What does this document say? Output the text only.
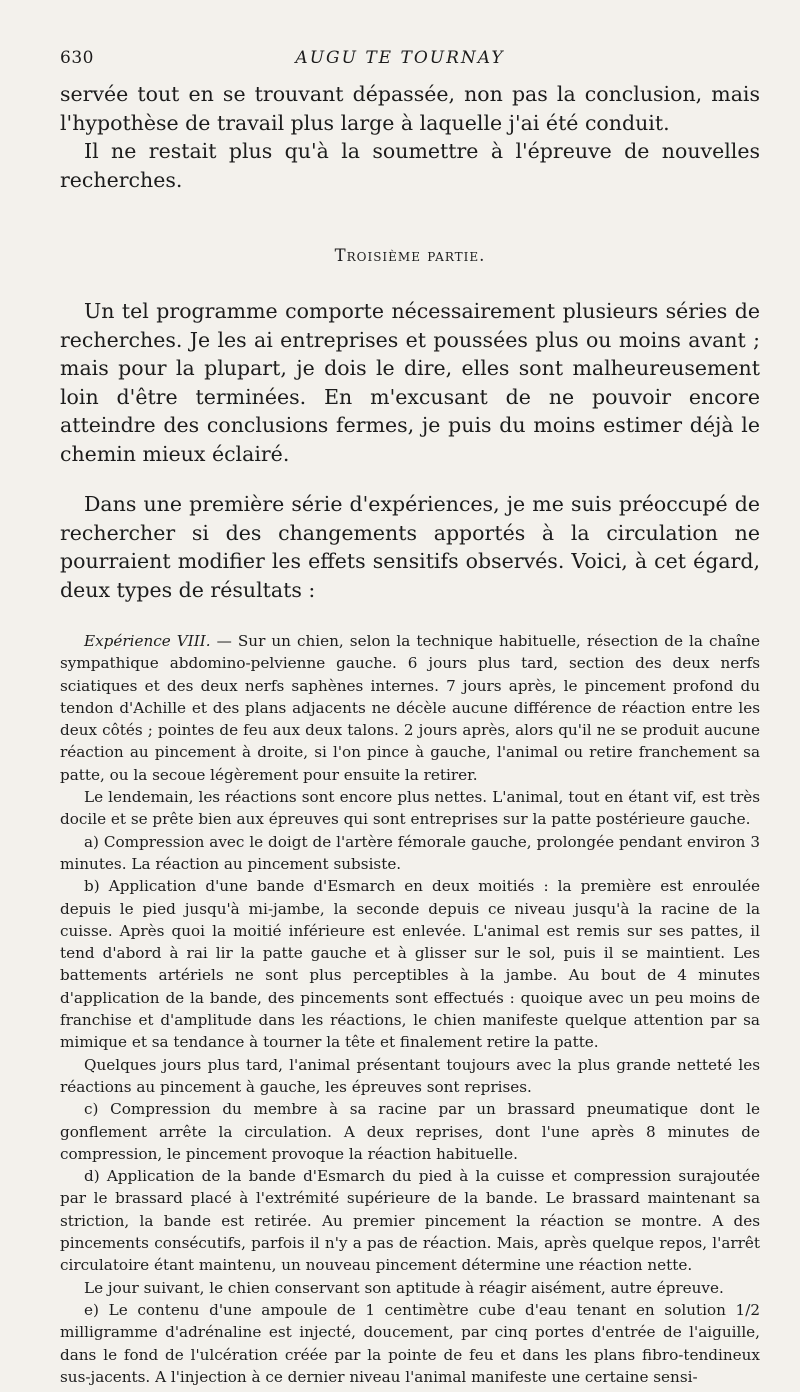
630	AUGU TE TOURNAY

servée tout en se trouvant dépassée, non pas la conclusion, mais l'hypothèse de travail plus large à laquelle j'ai été conduit.

Il ne restait plus qu'à la soumettre à l'épreuve de nouvelles recherches.

Troisième partie.

Un tel programme comporte nécessairement plusieurs séries de recherches. Je les ai entreprises et poussées plus ou moins avant ; mais pour la plupart, je dois le dire, elles sont malheureusement loin d'être terminées. En m'excusant de ne pouvoir encore atteindre des conclusions fermes, je puis du moins estimer déjà le chemin mieux éclairé.

Dans une première série d'expériences, je me suis préoccupé de rechercher si des changements apportés à la circulation ne pourraient modifier les effets sensitifs observés. Voici, à cet égard, deux types de résultats :

Expérience VIII. — Sur un chien, selon la technique habituelle, résection de la chaîne sympathique abdomino-pelvienne gauche. 6 jours plus tard, section des deux nerfs sciatiques et des deux nerfs saphènes internes. 7 jours après, le pincement profond du tendon d'Achille et des plans adjacents ne décèle aucune différence de réaction entre les deux côtés ; pointes de feu aux deux talons. 2 jours après, alors qu'il ne se produit aucune réaction au pincement à droite, si l'on pince à gauche, l'animal ou retire franchement sa patte, ou la secoue légèrement pour ensuite la retirer.

Le lendemain, les réactions sont encore plus nettes. L'animal, tout en étant vif, est très docile et se prête bien aux épreuves qui sont entreprises sur la patte postérieure gauche.

a) Compression avec le doigt de l'artère fémorale gauche, prolongée pendant environ 3 minutes. La réaction au pincement subsiste.

b) Application d'une bande d'Esmarch en deux moitiés : la première est enroulée depuis le pied jusqu'à mi-jambe, la seconde depuis ce niveau jusqu'à la racine de la cuisse. Après quoi la moitié inférieure est enlevée. L'animal est remis sur ses pattes, il tend d'abord à rai lir la patte gauche et à glisser sur le sol, puis il se maintient. Les battements artériels ne sont plus perceptibles à la jambe. Au bout de 4 minutes d'application de la bande, des pincements sont effectués : quoique avec un peu moins de franchise et d'amplitude dans les réactions, le chien manifeste quelque attention par sa mimique et sa tendance à tourner la tête et finalement retire la patte.

Quelques jours plus tard, l'animal présentant toujours avec la plus grande netteté les réactions au pincement à gauche, les épreuves sont reprises.

c) Compression du membre à sa racine par un brassard pneumatique dont le gonflement arrête la circulation. A deux reprises, dont l'une après 8 minutes de compression, le pincement provoque la réaction habituelle.

d) Application de la bande d'Esmarch du pied à la cuisse et compression surajoutée par le brassard placé à l'extrémité supérieure de la bande. Le brassard maintenant sa striction, la bande est retirée. Au premier pincement la réaction se montre. A des pincements consécutifs, parfois il n'y a pas de réaction. Mais, après quelque repos, l'arrêt circulatoire étant maintenu, un nouveau pincement détermine une réaction nette.

Le jour suivant, le chien conservant son aptitude à réagir aisément, autre épreuve.

e) Le contenu d'une ampoule de 1 centimètre cube d'eau tenant en solution 1/2 milligramme d'adrénaline est injecté, doucement, par cinq portes d'entrée de l'aiguille, dans le fond de l'ulcération créée par la pointe de feu et dans les plans fibro-tendineux sus-jacents. A l'injection à ce dernier niveau l'animal manifeste une certaine sensi-
